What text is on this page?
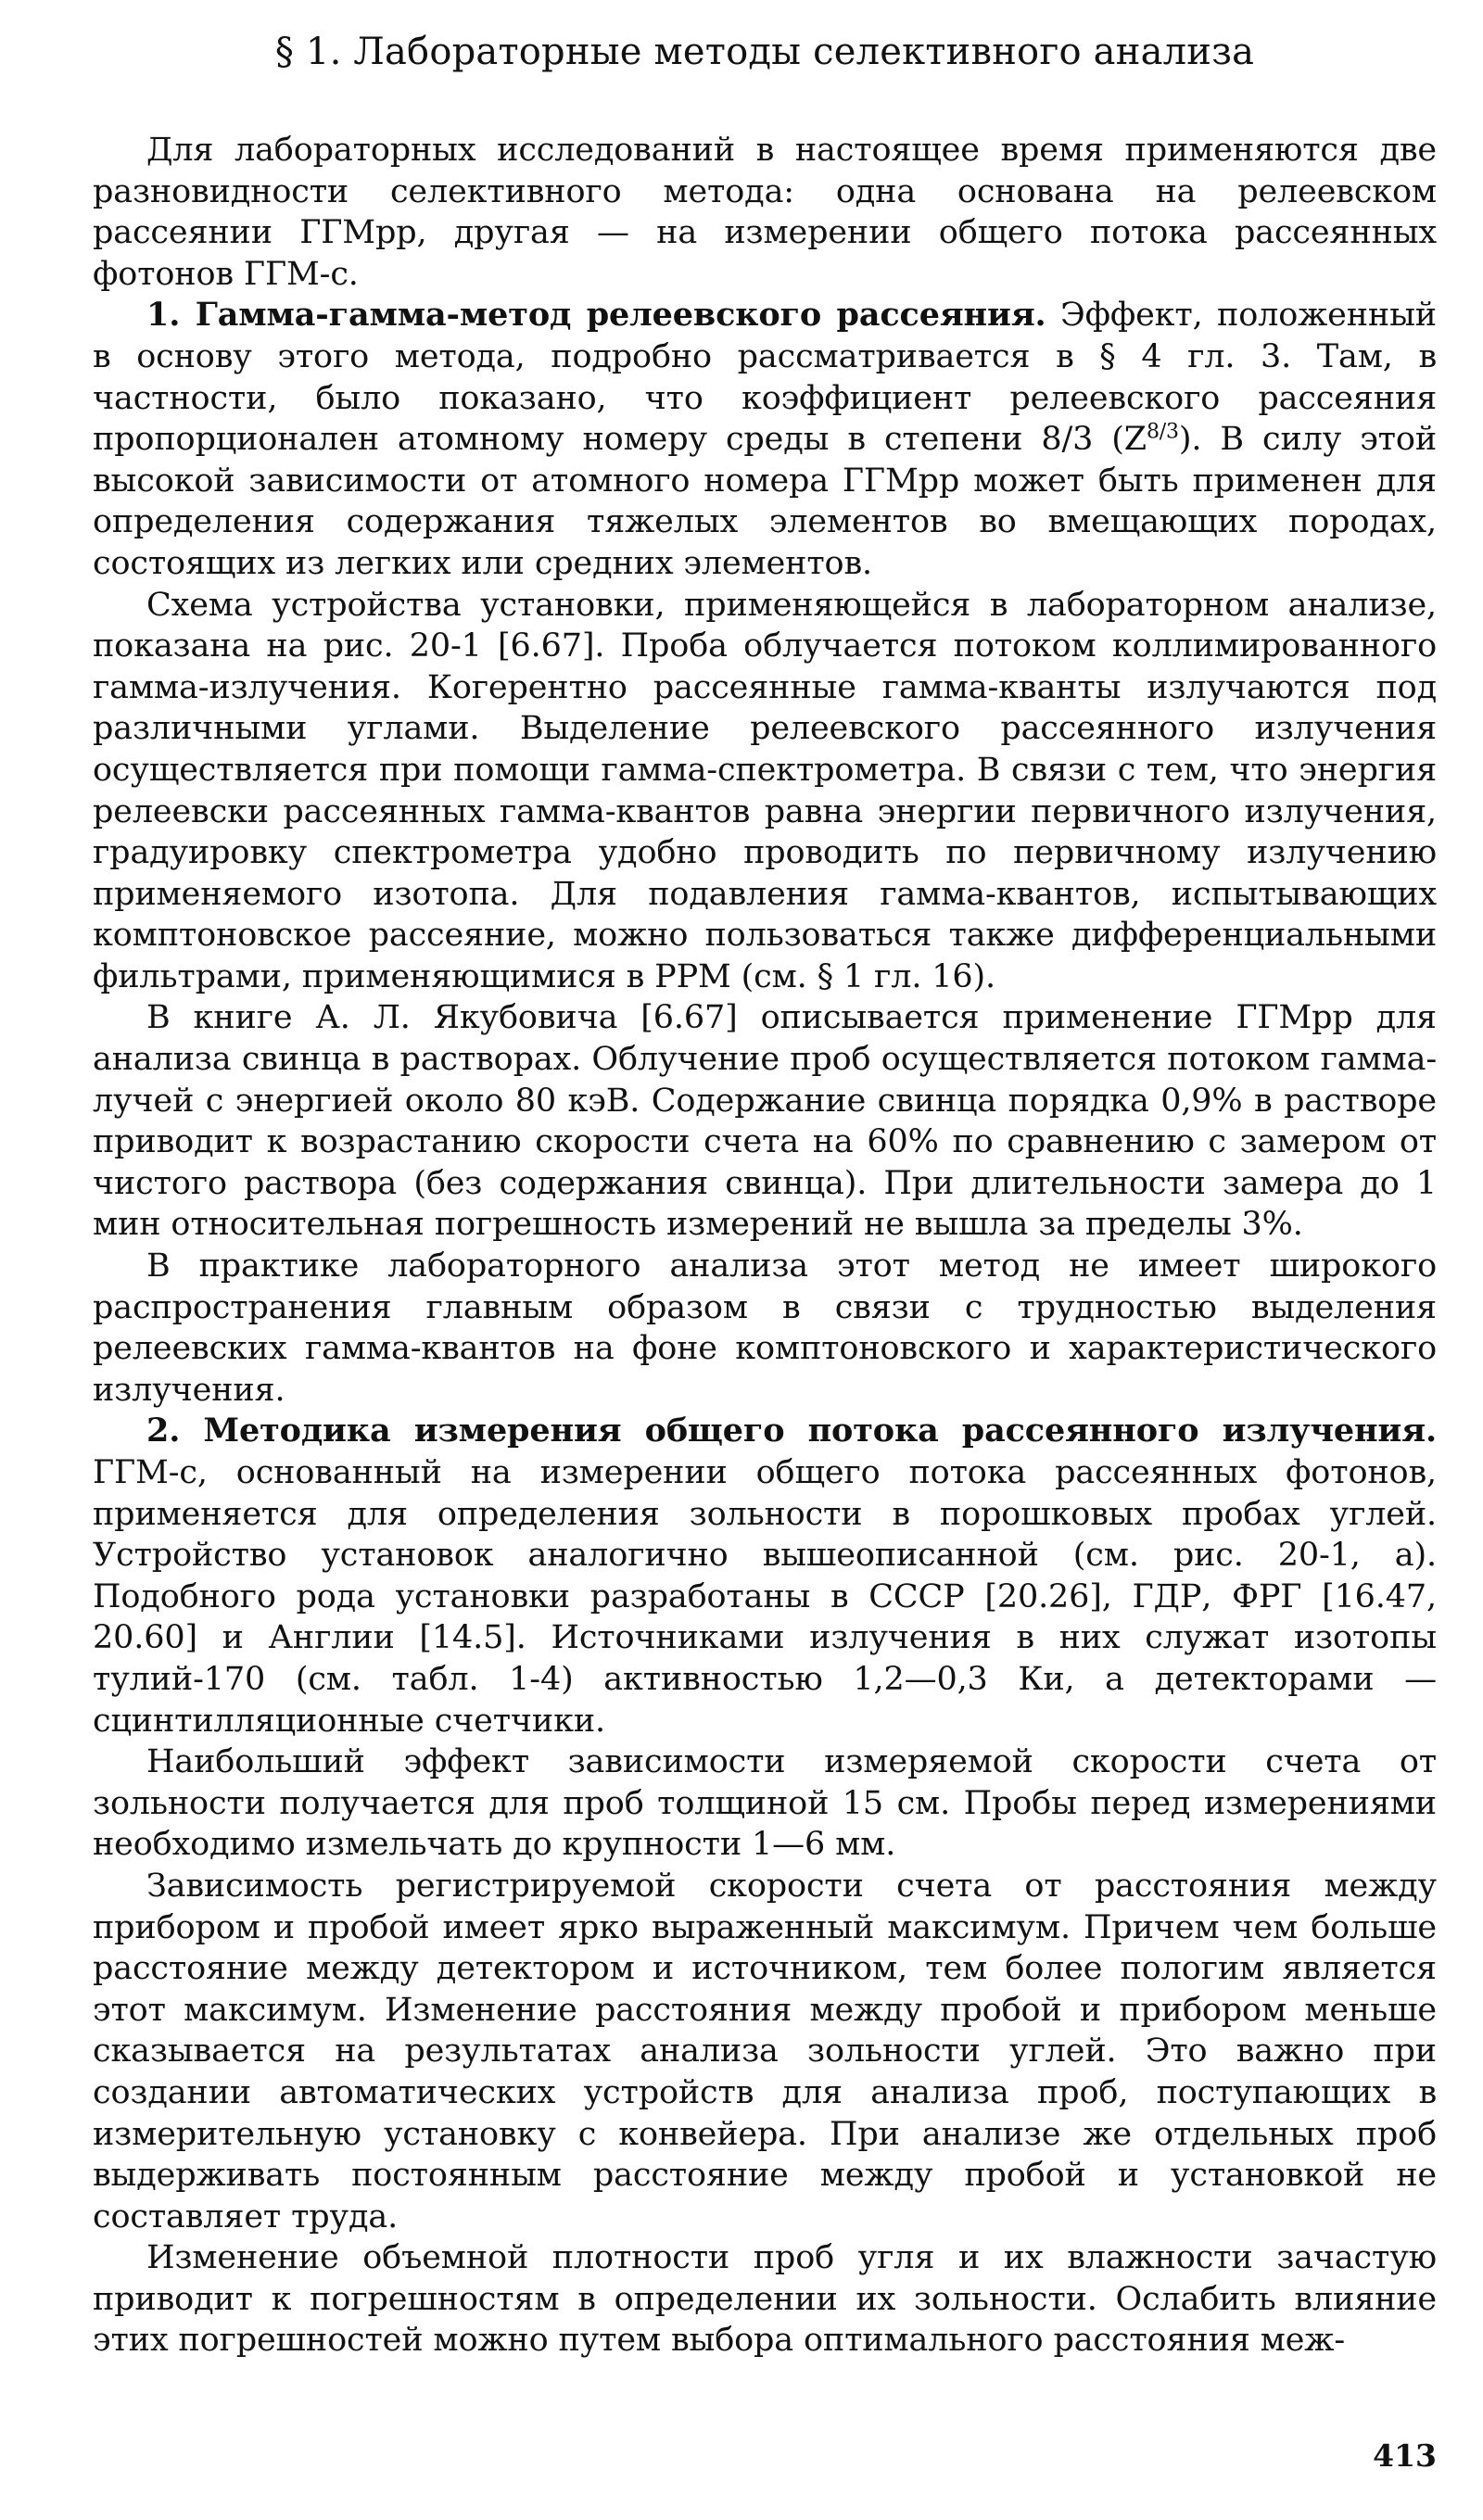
§ 1. Лабораторные методы селективного анализа

Для лабораторных исследований в настоящее время применяются две разновидности селективного метода: одна основана на релеевском рассеянии ГГМрр, другая — на измерении общего потока рассеянных фотонов ГГМ-с.

1. Гамма-гамма-метод релеевского рассеяния. Эффект, положенный в основу этого метода, подробно рассматривается в § 4 гл. 3. Там, в частности, было показано, что коэффициент релеевского рассеяния пропорционален атомному номеру среды в степени 8/3 $(Z^{8/3})$. В силу этой высокой зависимости от атомного номера ГГМрр может быть применен для определения содержания тяжелых элементов во вмещающих породах, состоящих из легких или средних элементов.

Схема устройства установки, применяющейся в лабораторном анализе, показана на рис. 20-1 [6.67]. Проба облучается потоком коллимированного гамма-излучения. Когерентно рассеянные гамма-кванты излучаются под различными углами. Выделение релеевского рассеянного излучения осуществляется при помощи гамма-спектрометра. В связи с тем, что энергия релеевски рассеянных гамма-квантов равна энергии первичного излучения, градуировку спектрометра удобно проводить по первичному излучению применяемого изотопа. Для подавления гамма-квантов, испытывающих комптоновское рассеяние, можно пользоваться также дифференциальными фильтрами, применяющимися в РРМ (см. § 1 гл. 16).

В книге А. Л. Якубовича [6.67] описывается применение ГГМрр для анализа свинца в растворах. Облучение проб осуществляется потоком гамма-лучей с энергией около 80 кэВ. Содержание свинца порядка 0,9% в растворе приводит к возрастанию скорости счета на 60% по сравнению с замером от чистого раствора (без содержания свинца). При длительности замера до 1 мин относительная погрешность измерений не вышла за пределы 3%.

В практике лабораторного анализа этот метод не имеет широкого распространения главным образом в связи с трудностью выделения релеевских гамма-квантов на фоне комптоновского и характеристического излучения.

2. Методика измерения общего потока рассеянного излучения. ГГМ-с, основанный на измерении общего потока рассеянных фотонов, применяется для определения зольности в порошковых пробах углей. Устройство установок аналогично вышеописанной (см. рис. 20-1, а). Подобного рода установки разработаны в СССР [20.26], ГДР, ФРГ [16.47, 20.60] и Англии [14.5]. Источниками излучения в них служат изотопы тулий-170 (см. табл. 1-4) активностью 1,2—0,3 Ки, а детекторами — сцинтилляционные счетчики.

Наибольший эффект зависимости измеряемой скорости счета от зольности получается для проб толщиной 15 см. Пробы перед измерениями необходимо измельчать до крупности 1—6 мм.

Зависимость регистрируемой скорости счета от расстояния между прибором и пробой имеет ярко выраженный максимум. Причем чем больше расстояние между детектором и источником, тем более пологим является этот максимум. Изменение расстояния между пробой и прибором меньше сказывается на результатах анализа зольности углей. Это важно при создании автоматических устройств для анализа проб, поступающих в измерительную установку с конвейера. При анализе же отдельных проб выдерживать постоянным расстояние между пробой и установкой не составляет труда.

Изменение объемной плотности проб угля и их влажности зачастую приводит к погрешностям в определении их зольности. Ослабить влияние этих погрешностей можно путем выбора оптимального расстояния меж-

413
